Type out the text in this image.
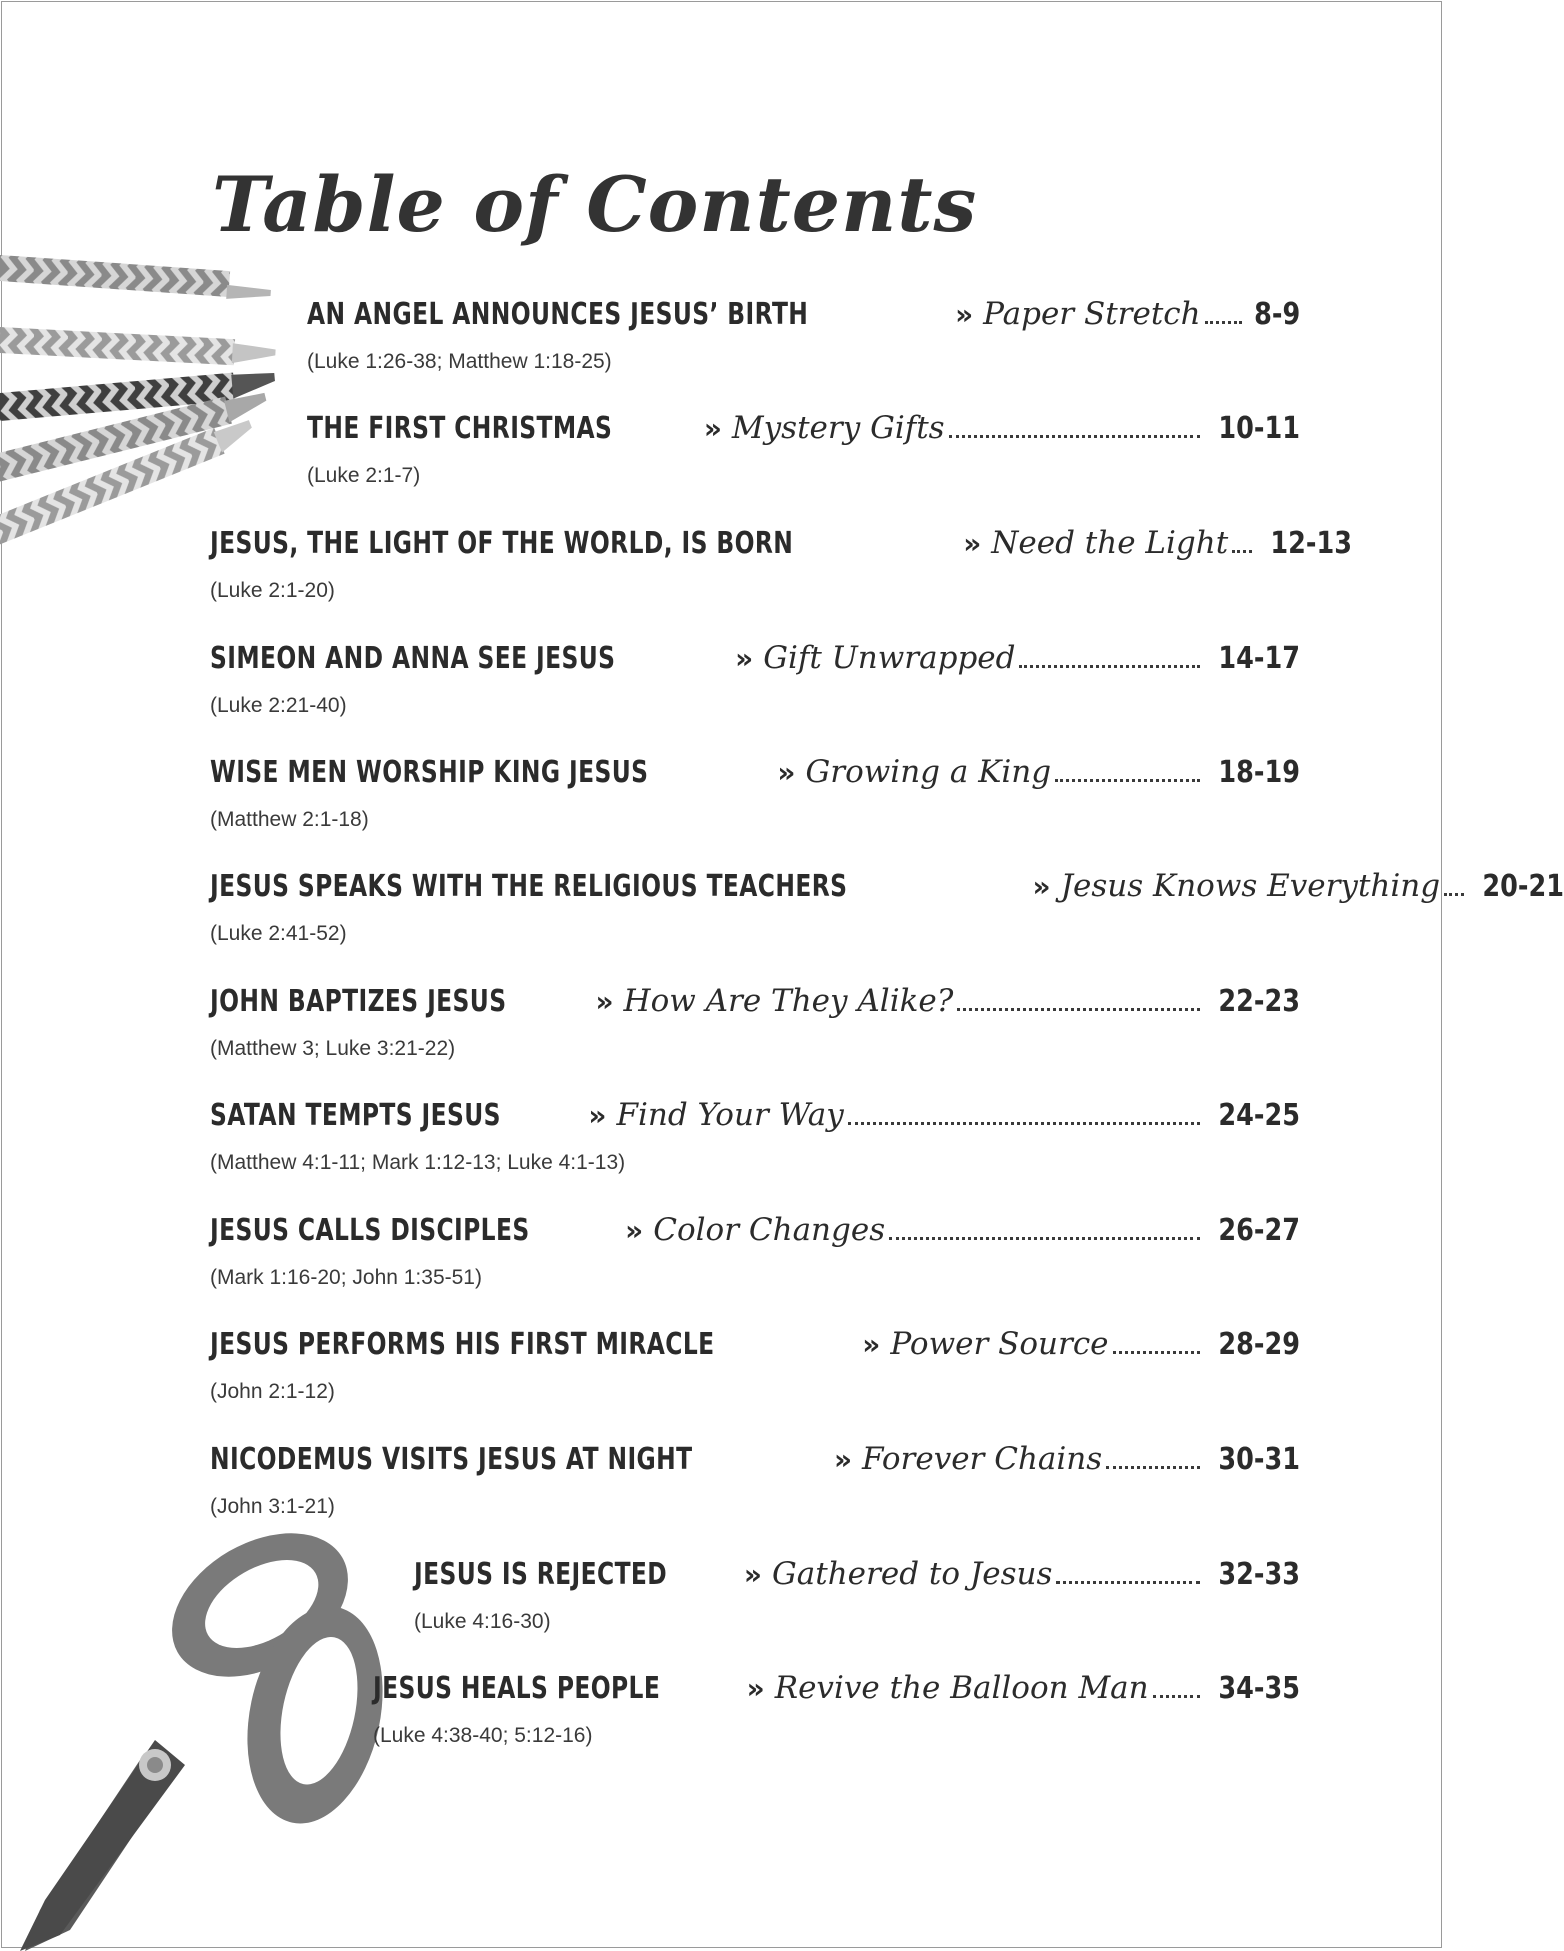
Table of Contents
AN ANGEL ANNOUNCES JESUS’ BIRTH	» Paper Stretch 8-9
(Luke 1:26-38; Matthew 1:18-25)
THE FIRST CHRISTMAS	» Mystery Gifts	10-11
(Luke 2:1-7)
JESUS, THE LIGHT OF THE WORLD, IS BORN	» Need the Light 12-13
(Luke 2:1-20)
SIMEON AND ANNA SEE JESUS	» Gift Unwrapped	14-17
(Luke 2:21-40)
WISE MEN WORSHIP KING JESUS	» Growing a King	18-19
(Matthew 2:1-18)
JESUS SPEAKS WITH THE RELIGIOUS TEACHERS	» Jesus Knows Everything 20-21
(Luke 2:41-52)
JOHN BAPTIZES JESUS	» How Are They Alike?	22-23
(Matthew 3; Luke 3:21-22)
SATAN TEMPTS JESUS	» Find Your Way	24-25
(Matthew 4:1-11; Mark 1:12-13; Luke 4:1-13)
JESUS CALLS DISCIPLES	» Color Changes	26-27
(Mark 1:16-20; John 1:35-51)
JESUS PERFORMS HIS FIRST MIRACLE	» Power Source	28-29
(John 2:1-12)
NICODEMUS VISITS JESUS AT NIGHT	» Forever Chains	30-31
(John 3:1-21)
JESUS IS REJECTED	» Gathered to Jesus	32-33
(Luke 4:16-30)
JESUS HEALS PEOPLE	» Revive the Balloon Man 34-35
(Luke 4:38-40; 5:12-16)
